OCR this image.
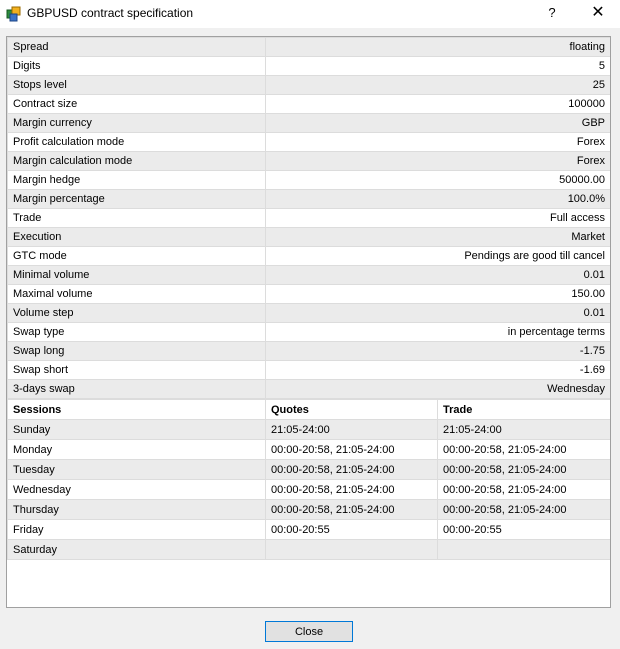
GBPUSD contract specification	?	✕
Spread	floating
Digits	5
Stops level	25
Contract size	100000
Margin currency	GBP
Profit calculation mode	Forex
Margin calculation mode	Forex
Margin hedge	50000.00
Margin percentage	100.0%
Trade	Full access
Execution	Market
GTC mode	Pendings are good till cancel
Minimal volume	0.01
Maximal volume	150.00
Volume step	0.01
Swap type	in percentage terms
Swap long	-1.75
Swap short	-1.69
3-days swap	Wednesday
Sessions	Quotes	Trade
Sunday	21:05-24:00	21:05-24:00
Monday	00:00-20:58, 21:05-24:00	00:00-20:58, 21:05-24:00
Tuesday	00:00-20:58, 21:05-24:00	00:00-20:58, 21:05-24:00
Wednesday	00:00-20:58, 21:05-24:00	00:00-20:58, 21:05-24:00
Thursday	00:00-20:58, 21:05-24:00	00:00-20:58, 21:05-24:00
Friday	00:00-20:55	00:00-20:55
Saturday		
Close
